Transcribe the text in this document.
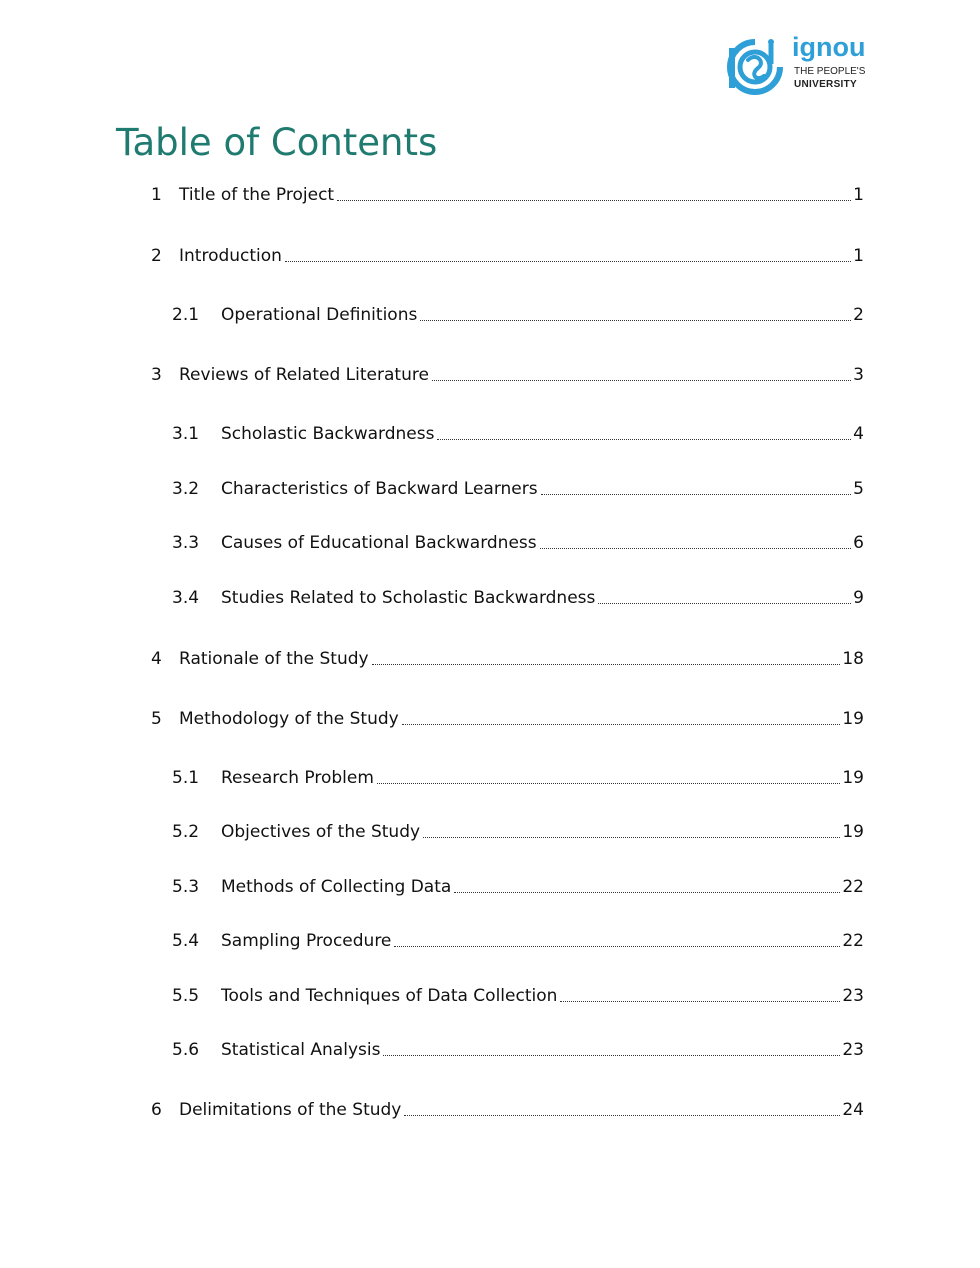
ignou
THE PEOPLE'S
UNIVERSITY
Table of Contents
1	Title of the Project	1
2	Introduction	1
2.1	Operational Definitions	2
3	Reviews of Related Literature	3
3.1	Scholastic Backwardness	4
3.2	Characteristics of Backward Learners	5
3.3	Causes of Educational Backwardness	6
3.4	Studies Related to Scholastic Backwardness	9
4	Rationale of the Study	18
5	Methodology of the Study	19
5.1	Research Problem	19
5.2	Objectives of the Study	19
5.3	Methods of Collecting Data	22
5.4	Sampling Procedure	22
5.5	Tools and Techniques of Data Collection	23
5.6	Statistical Analysis	23
6	Delimitations of the Study	24
